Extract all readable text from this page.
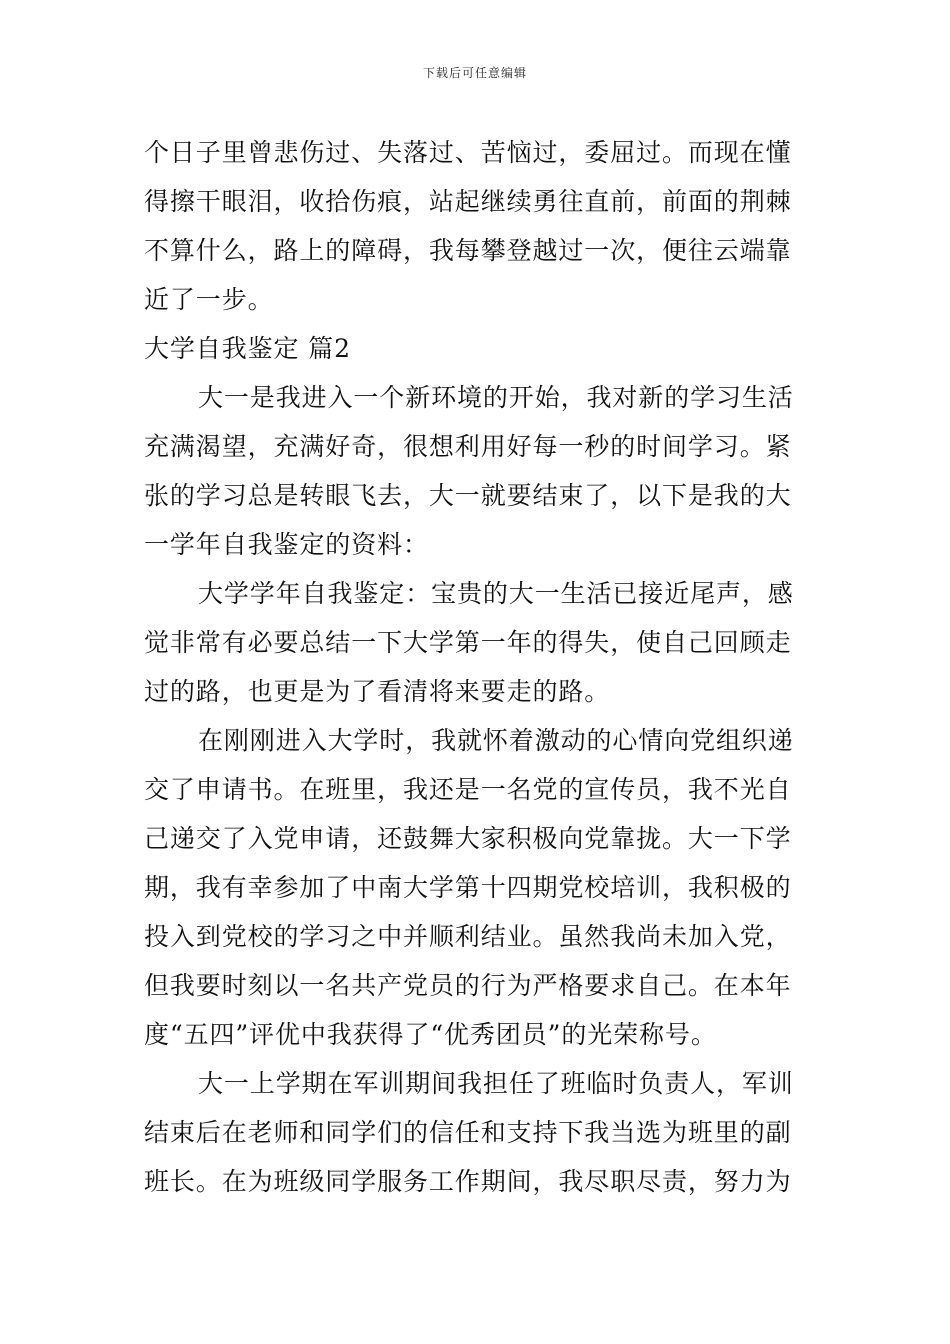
下载后可任意编辑
个日子里曾悲伤过、失落过、苦恼过，委屈过。而现在懂
得擦干眼泪，收拾伤痕，站起继续勇往直前，前面的荆棘
不算什么，路上的障碍，我每攀登越过一次，便往云端靠
近了一步。
大学自我鉴定 篇2
大一是我进入一个新环境的开始，我对新的学习生活
充满渴望，充满好奇，很想利用好每一秒的时间学习。紧
张的学习总是转眼飞去，大一就要结束了，以下是我的大
一学年自我鉴定的资料：
大学学年自我鉴定：宝贵的大一生活已接近尾声，感
觉非常有必要总结一下大学第一年的得失，使自己回顾走
过的路，也更是为了看清将来要走的路。
在刚刚进入大学时，我就怀着激动的心情向党组织递
交了申请书。在班里，我还是一名党的宣传员，我不光自
己递交了入党申请，还鼓舞大家积极向党靠拢。大一下学
期，我有幸参加了中南大学第十四期党校培训，我积极的
投入到党校的学习之中并顺利结业。虽然我尚未加入党，
但我要时刻以一名共产党员的行为严格要求自己。在本年
度“五四”评优中我获得了“优秀团员”的光荣称号。
大一上学期在军训期间我担任了班临时负责人，军训
结束后在老师和同学们的信任和支持下我当选为班里的副
班长。在为班级同学服务工作期间，我尽职尽责，努力为
